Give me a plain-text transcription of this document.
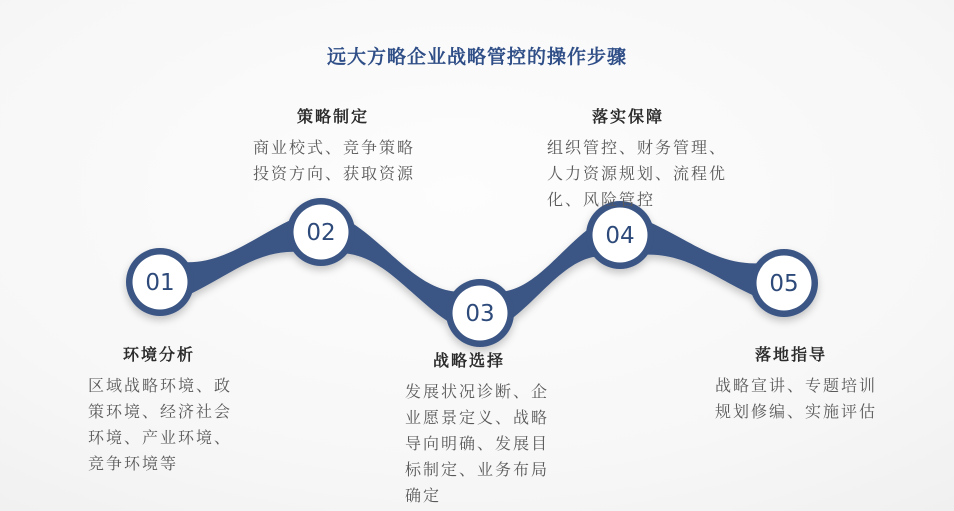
远大方略企业战略管控的操作步骤
01
02
03
04
05
环境分析
区域战略环境、政
策环境、经济社会
环境、产业环境、
竞争环境等
策略制定
商业校式、竞争策略
投资方向、获取资源
战略选择
发展状况诊断、企
业愿景定义、战略
导向明确、发展目
标制定、业务布局
确定
落实保障
组织管控、财务管理、
人力资源规划、流程优
化、风险管控
落地指导
战略宣讲、专题培训
规划修编、实施评估
